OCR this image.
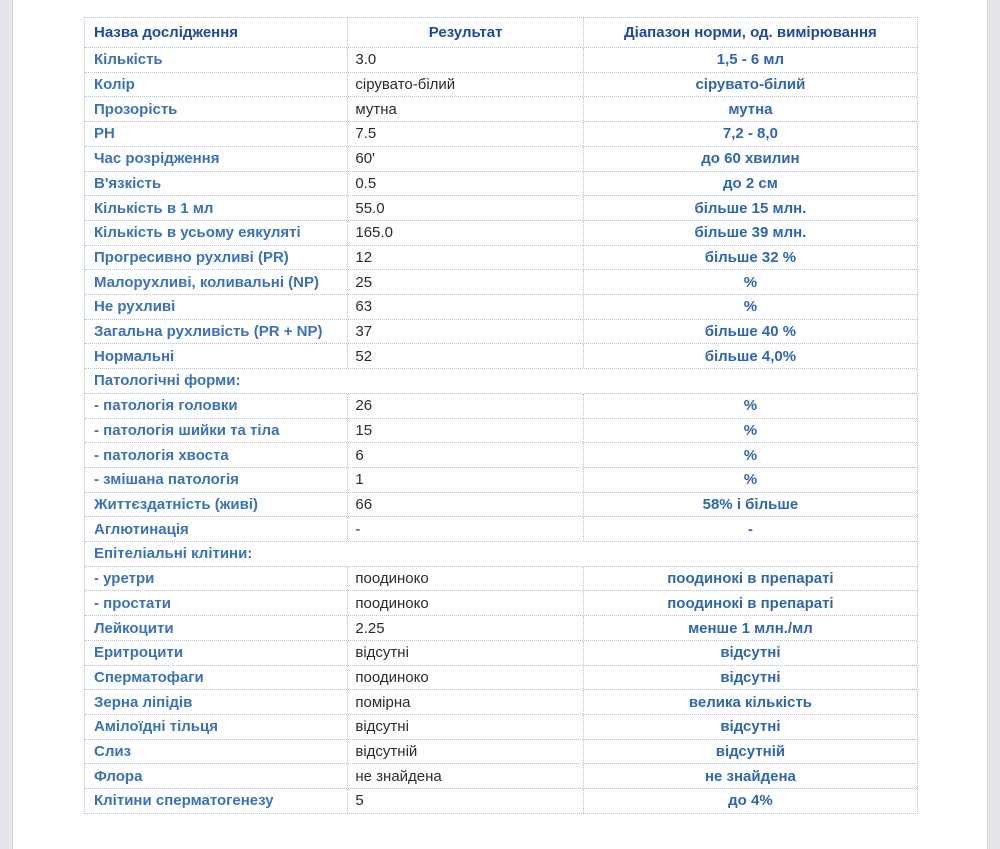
Назва дослідження	Результат	Діапазон норми, од. вимірювання
Кількість	3.0	1,5 - 6 мл
Колір	сірувато-білий	сірувато-білий
Прозорість	мутна	мутна
PH	7.5	7,2 - 8,0
Час розрідження	60'	до 60 хвилин
В'язкість	0.5	до 2 см
Кількість в 1 мл	55.0	більше 15 млн.
Кількість в усьому еякуляті	165.0	більше 39 млн.
Прогресивно рухливі (PR)	12	більше 32 %
Малорухливі, коливальні (NP)	25	%
Не рухливі	63	%
Загальна рухливість (PR + NP)	37	більше 40 %
Нормальні	52	більше 4,0%
Патологічні форми:
- патологія головки	26	%
- патологія шийки та тіла	15	%
- патологія хвоста	6	%
- змішана патологія	1	%
Життєздатність (живі)	66	58% і більше
Аглютинація	-	-
Епітеліальні клітини:
- уретри	поодиноко	поодинокі в препараті
- простати	поодиноко	поодинокі в препараті
Лейкоцити	2.25	менше 1 млн./мл
Еритроцити	відсутні	відсутні
Сперматофаги	поодиноко	відсутні
Зерна ліпідів	помірна	велика кількість
Амілоїдні тільця	відсутні	відсутні
Слиз	відсутній	відсутній
Флора	не знайдена	не знайдена
Клітини сперматогенезу	5	до 4%
